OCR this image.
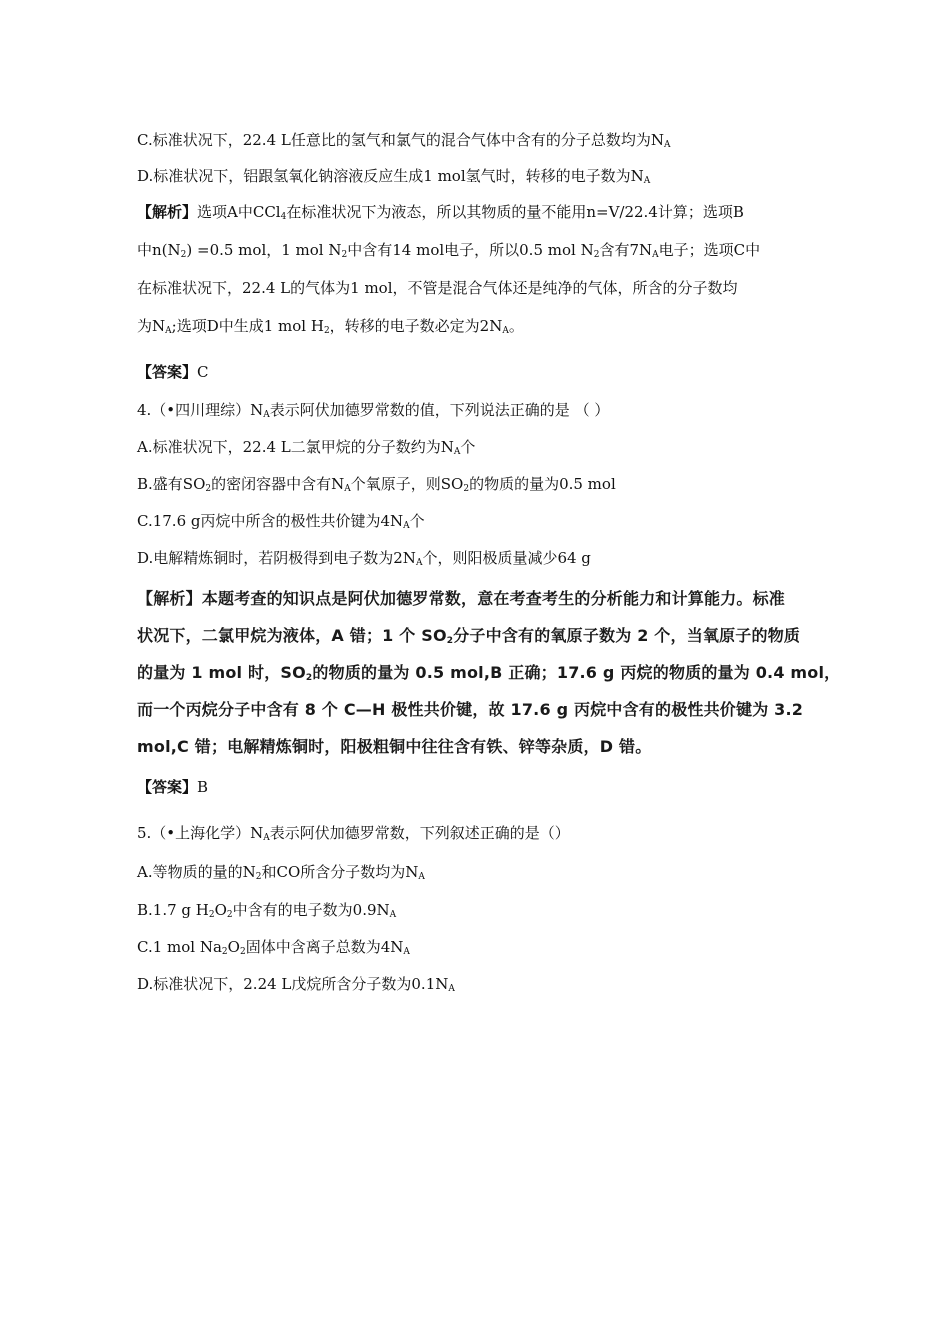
C.标准状况下，22.4 L任意比的氢气和氯气的混合气体中含有的分子总数均为$N_A$
D.标准状况下，铝跟氢氧化钠溶液反应生成1 mol氢气时，转移的电子数为$N_A$
【解析】选项A中CCl$_4$在标准状况下为液态，所以其物质的量不能用n=V/22.4计算；选项B
中$n(N_2) =0.5$ mol，1 mol $N_2$中含有14 mol电子，所以0.5 mol $N_2$含有$7N_A$电子；选项C中
在标准状况下，22.4 L的气体为1 mol，不管是混合气体还是纯净的气体，所含的分子数均
为$N_A$;选项D中生成1 mol $H_2$，转移的电子数必定为$2N_A$。
【答案】C
4.（•四川理综）$N_A$表示阿伏加德罗常数的值，下列说法正确的是 （ ）
A.标准状况下，22.4 L二氯甲烷的分子数约为$N_A$个
B.盛有$SO_2$的密闭容器中含有$N_A$个氧原子，则$SO_2$的物质的量为0.5 mol
C.17.6 g丙烷中所含的极性共价键为$4N_A$个
D.电解精炼铜时，若阴极得到电子数为$2N_A$个，则阳极质量减少64 g
【解析】本题考查的知识点是阿伏加德罗常数，意在考查考生的分析能力和计算能力。标准
状况下，二氯甲烷为液体，A 错；1 个 $SO_2$分子中含有的氧原子数为 2 个，当氧原子的物质
的量为 1 mol 时，$SO_2$的物质的量为 0.5 mol,B 正确；17.6 g 丙烷的物质的量为 0.4 mol，
而一个丙烷分子中含有 8 个 C—H 极性共价键，故 17.6 g 丙烷中含有的极性共价键为 3.2
mol,C 错；电解精炼铜时，阳极粗铜中往往含有铁、锌等杂质，D 错。
【答案】B
5.（•上海化学）$N_A$表示阿伏加德罗常数，下列叙述正确的是（）
A.等物质的量的$N_2$和CO所含分子数均为$N_A$
B.1.7 g $H_2O_2$中含有的电子数为$0.9N_A$
C.1 mol $Na_2O_2$固体中含离子总数为$4N_A$
D.标准状况下，2.24 L戊烷所含分子数为$0.1N_A$
